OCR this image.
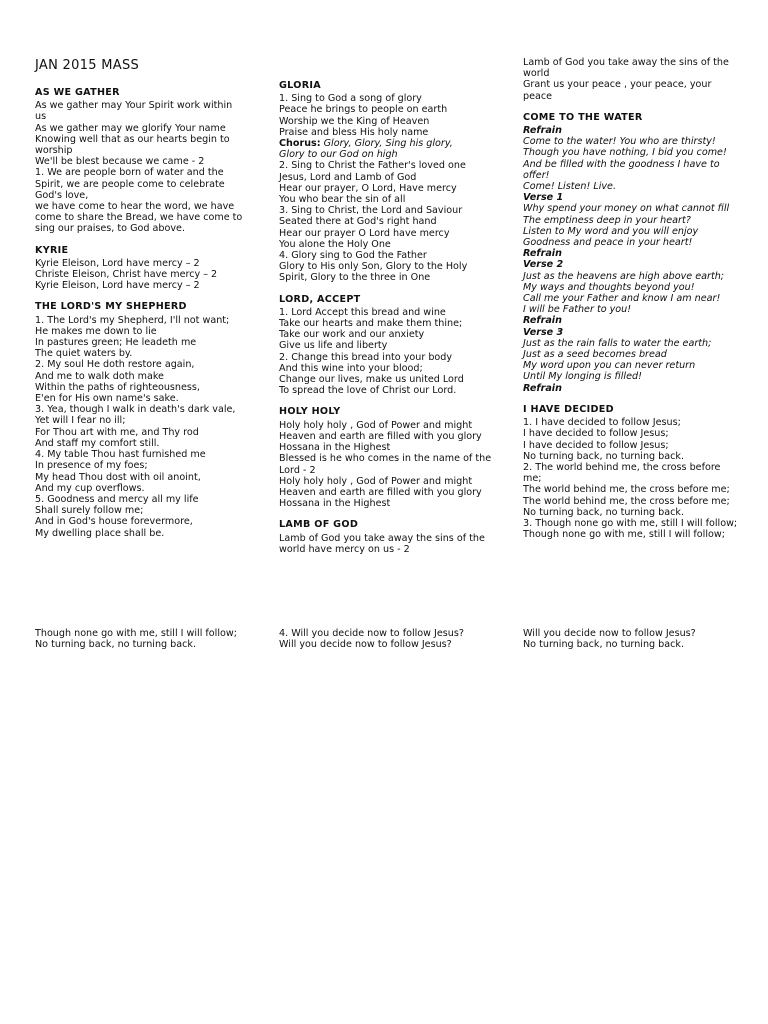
JAN 2015 MASS
AS WE GATHER
As we gather may Your Spirit work within us
As we gather may we glorify Your name
Knowing well that as our hearts begin to worship
We'll be blest because we came - 2
1. We are people born of water and the Spirit, we are people come to celebrate God's love,
we have come to hear the word, we have come to share the Bread, we have come to sing our praises, to God above.
KYRIE
Kyrie Eleison, Lord have mercy – 2
Christe Eleison, Christ have mercy – 2
Kyrie Eleison, Lord have mercy – 2
THE LORD'S MY SHEPHERD
1. The Lord's my Shepherd, I'll not want;
He makes me down to lie
In pastures green; He leadeth me
The quiet waters by.
2. My soul He doth restore again,
And me to walk doth make
Within the paths of righteousness,
E'en for His own name's sake.
3. Yea, though I walk in death's dark vale,
Yet will I fear no ill;
For Thou art with me, and Thy rod
And staff my comfort still.
4. My table Thou hast furnished me
In presence of my foes;
My head Thou dost with oil anoint,
And my cup overflows.
5. Goodness and mercy all my life
Shall surely follow me;
And in God's house forevermore,
My dwelling place shall be.
GLORIA
1. Sing to God a song of glory
Peace he brings to people on earth
Worship we the King of Heaven
Praise and bless His holy name
Chorus: Glory, Glory, Sing his glory,
Glory to our God on high
2. Sing to Christ the Father's loved one
Jesus, Lord and Lamb of God
Hear our prayer, O Lord, Have mercy
You who bear the sin of all
3. Sing to Christ, the Lord and Saviour
Seated there at God's right hand
Hear our prayer O Lord have mercy
You alone the Holy One
4. Glory sing to God the Father
Glory to His only Son, Glory to the Holy Spirit, Glory to the three in One
LORD, ACCEPT
1. Lord Accept this bread and wine
Take our hearts and make them thine;
Take our work and our anxiety
Give us life and liberty
2. Change this bread into your body
And this wine into your blood;
Change our lives, make us united Lord
To spread the love of Christ our Lord.
HOLY HOLY
Holy holy holy , God of Power and might
Heaven and earth are filled with you glory
Hossana in the Highest
Blessed is he who comes in the name of the Lord - 2
Holy holy holy , God of Power and might
Heaven and earth are filled with you glory
Hossana in the Highest
LAMB OF GOD
Lamb of God you take away the sins of the world have mercy on us - 2
Lamb of God you take away the sins of the world
Grant us your peace , your peace, your peace
COME TO THE WATER
Refrain
Come to the water! You who are thirsty!
Though you have nothing, I bid you come!
And be filled with the goodness I have to offer!
Come! Listen! Live.
Verse 1
Why spend your money on what cannot fill
The emptiness deep in your heart?
Listen to My word and you will enjoy
Goodness and peace in your heart!
Refrain
Verse 2
Just as the heavens are high above earth;
My ways and thoughts beyond you!
Call me your Father and know I am near!
I will be Father to you!
Refrain
Verse 3
Just as the rain falls to water the earth;
Just as a seed becomes bread
My word upon you can never return
Until My longing is filled!
Refrain
I HAVE DECIDED
1. I have decided to follow Jesus;
I have decided to follow Jesus;
I have decided to follow Jesus;
No turning back, no turning back.
2. The world behind me, the cross before me;
The world behind me, the cross before me;
The world behind me, the cross before me;
No turning back, no turning back.
3. Though none go with me, still I will follow;
Though none go with me, still I will follow;
Though none go with me, still I will follow;
No turning back, no turning back.
4. Will you decide now to follow Jesus?
Will you decide now to follow Jesus?
Will you decide now to follow Jesus?
No turning back, no turning back.
